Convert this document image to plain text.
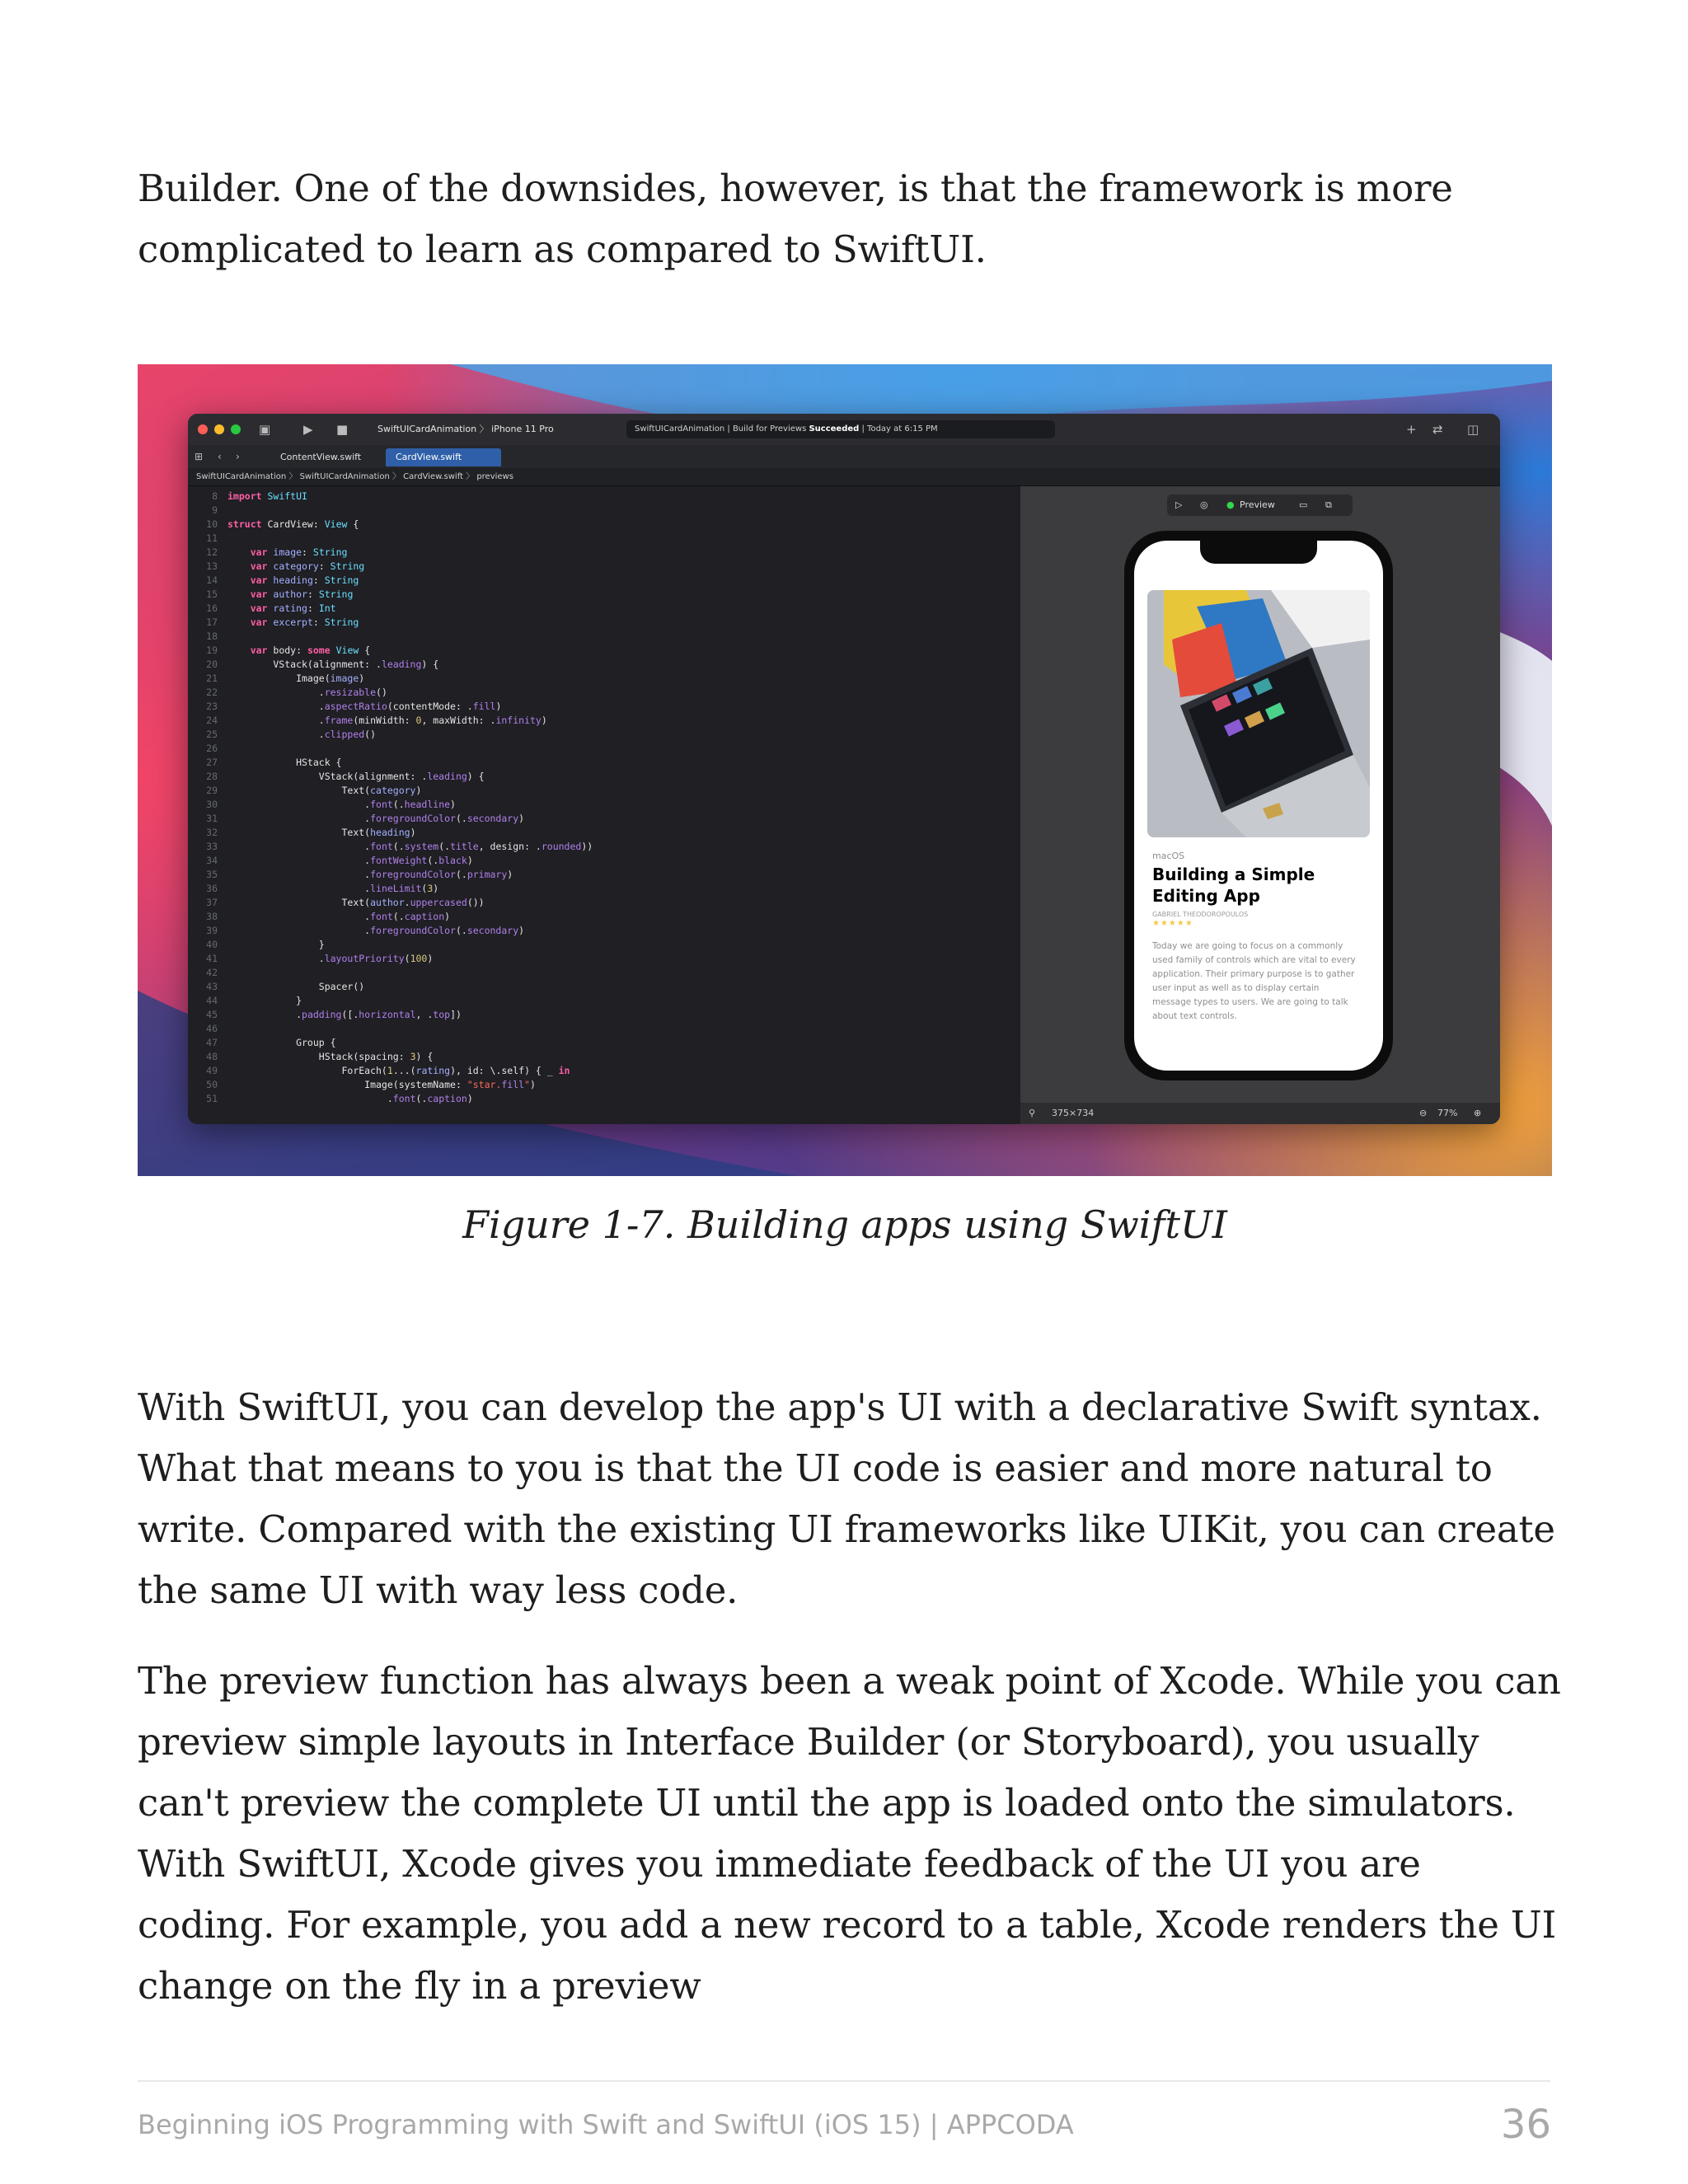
Builder. One of the downsides, however, is that the framework is more complicated to learn as compared to SwiftUI.

▣	▶ ■	SwiftUICardAnimation 〉 iPhone 11 Pro	SwiftUICardAnimation | Build for Previews Succeeded | Today at 6:15 PM	+ ⇄ ◫
⊞ ‹ ›	ContentView.swift	CardView.swift
SwiftUICardAnimation 〉 SwiftUICardAnimation 〉 CardView.swift 〉 previews
8 import SwiftUI
9
10 struct CardView: View {
11
12	var image: String
13	var category: String
14	var heading: String
15	var author: String
16	var rating: Int
17	var excerpt: String
18
19	var body: some View {
20        VStack(alignment: .leading) {
21            Image(image)
22                .resizable()
23                .aspectRatio(contentMode: .fill)
24                .frame(minWidth: 0, maxWidth: .infinity)
25                .clipped()
26
27            HStack {
28                VStack(alignment: .leading) {
29                    Text(category)
30                        .font(.headline)
31                        .foregroundColor(.secondary)
32                    Text(heading)
33                        .font(.system(.title, design: .rounded))
34                        .fontWeight(.black)
35                        .foregroundColor(.primary)
36                        .lineLimit(3)
37                    Text(author.uppercased())
38                        .font(.caption)
39                        .foregroundColor(.secondary)
40                }
41                .layoutPriority(100)
42
43                Spacer()
44            }
45            .padding([.horizontal, .top])
46
47            Group {
48                HStack(spacing: 3) {
49                    ForEach(1...(rating), id: \.self) { _ in
50                        Image(systemName: "star.fill")
51                            .font(.caption)
▷ ◎ ● Preview	▭ ⧉
macOS
Building a Simple Editing App
GABRIEL THEODOROPOULOS
★★★★★
Today we are going to focus on a commonly used family of controls which are vital to every application. Their primary purpose is to gather user input as well as to display certain message types to users. We are going to talk about text controls.
⚲ 375×734	⊖ 77% ⊕

Figure 1-7. Building apps using SwiftUI

With SwiftUI, you can develop the app's UI with a declarative Swift syntax. What that means to you is that the UI code is easier and more natural to write. Compared with the existing UI frameworks like UIKit, you can create the same UI with way less code.

The preview function has always been a weak point of Xcode. While you can preview simple layouts in Interface Builder (or Storyboard), you usually can't preview the complete UI until the app is loaded onto the simulators. With SwiftUI, Xcode gives you immediate feedback of the UI you are coding. For example, you add a new record to a table, Xcode renders the UI change on the fly in a preview

Beginning iOS Programming with Swift and SwiftUI (iOS 15) | APPCODA	36
